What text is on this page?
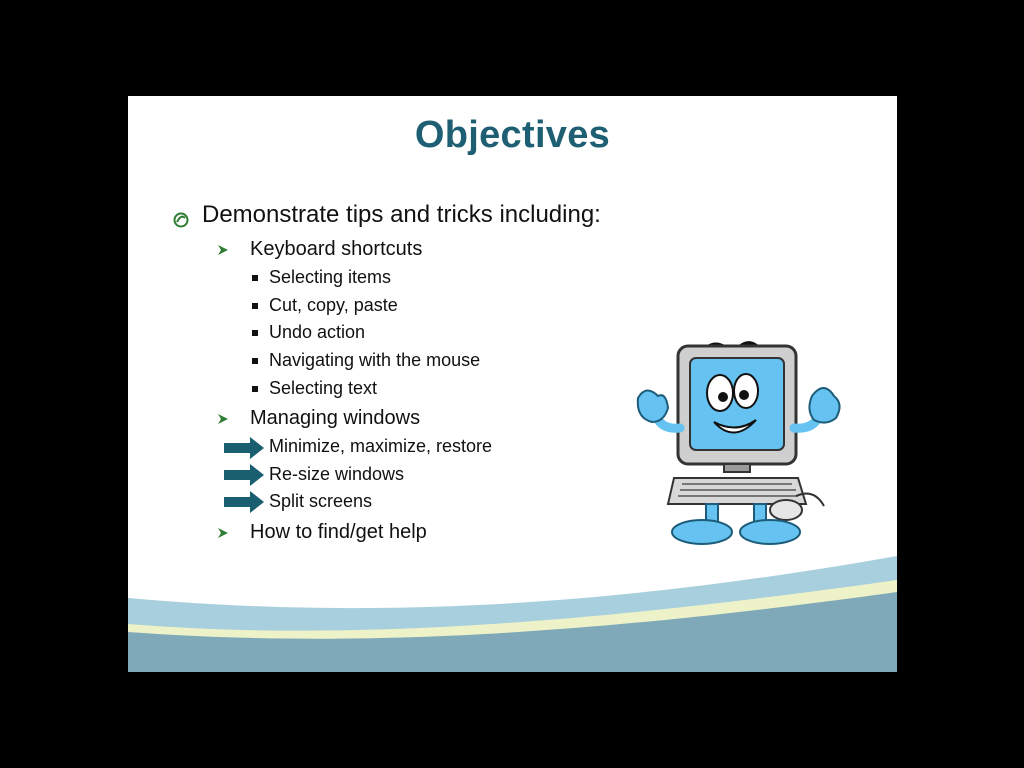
Objectives
Demonstrate tips and tricks including:
Keyboard shortcuts
Selecting items
Cut, copy, paste
Undo action
Navigating with the mouse
Selecting text
Managing windows
Minimize, maximize, restore
Re-size windows
Split screens
How to find/get help
